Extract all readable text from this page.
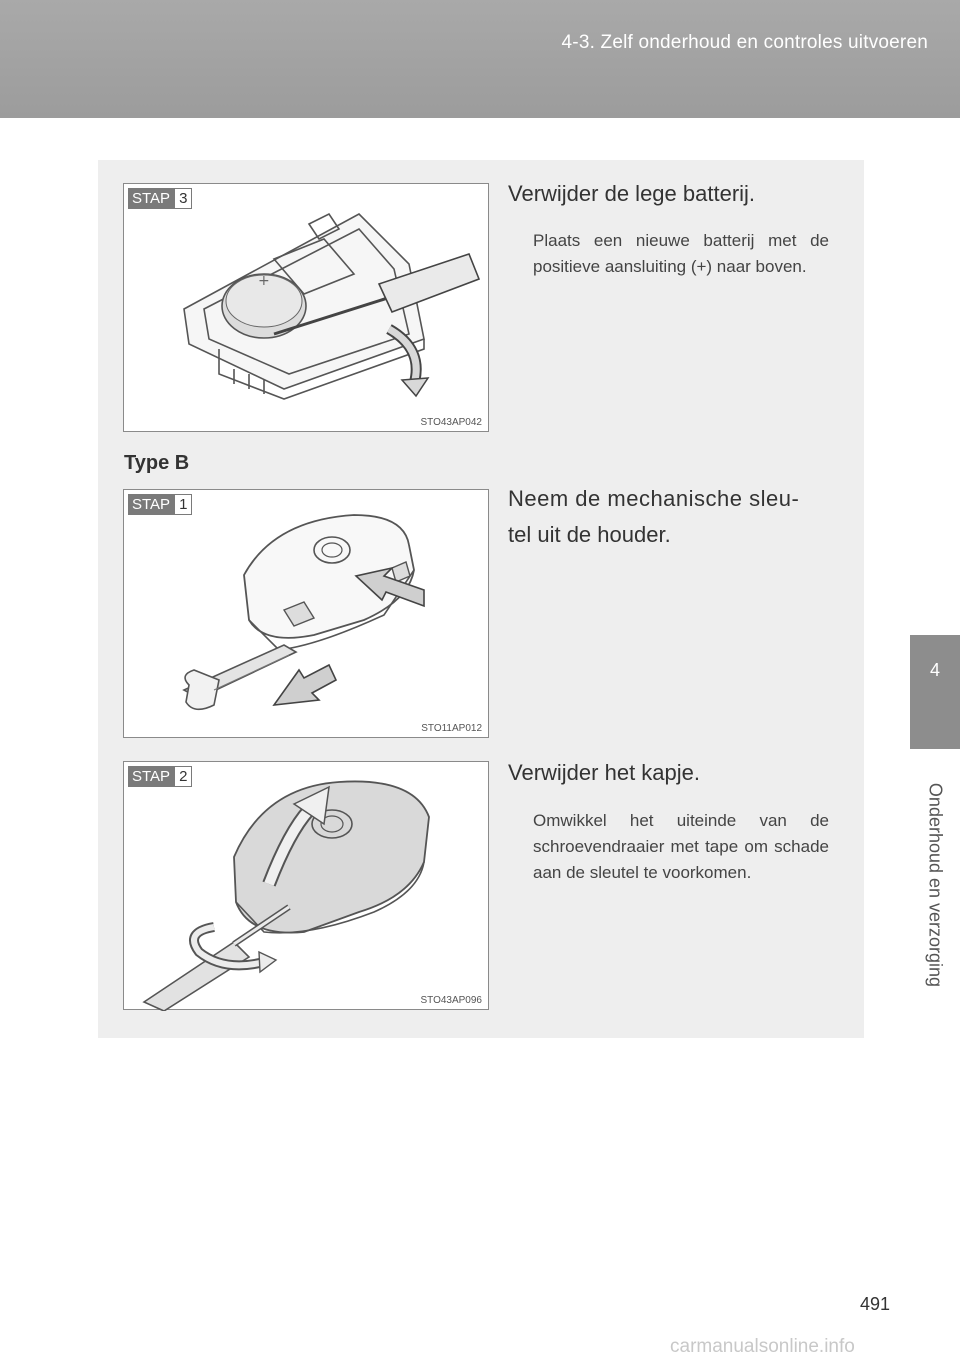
4-3. Zelf onderhoud en controles uitvoeren
4
Onderhoud en verzorging
+
STAP 3
STO43AP042
Verwijder de lege batterij.
Plaats een nieuwe batterij met de positieve aansluiting (+) naar boven.
Type B
STAP 1
STO11AP012
Neem de mechanische sleu-
tel uit de houder.
STAP 2
STO43AP096
Verwijder het kapje.
Omwikkel het uiteinde van de schroevendraaier met tape om schade aan de sleutel te voorkomen.
491
carmanualsonline.info
